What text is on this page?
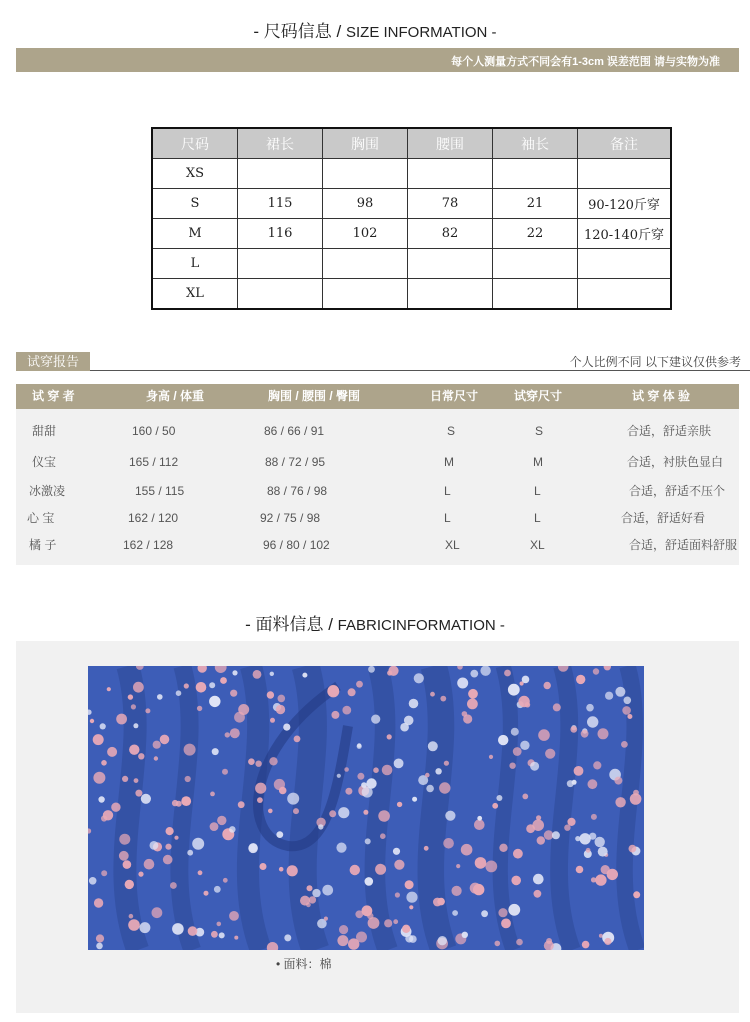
- 尺码信息 / SIZE INFORMATION -
每个人测量方式不同会有1-3cm 误差范围 请与实物为准
尺码	裙长	胸围	腰围	袖长	备注
XS					
S	115	98	78	21	90-120斤穿
M	116	102	82	22	120-140斤穿
L					
XL					
试穿报告	个人比例不同 以下建议仅供参考
试 穿 者	身高 / 体重	胸围 / 腰围 / 臀围	日常尺寸	试穿尺寸	试 穿 体 验
甜甜	160 / 50	86 / 66 / 91	S	S	合适，舒适亲肤
仪宝	165 / 112	88 / 72 / 95	M	M	合适，衬肤色显白
冰激凌	155 / 115	88 / 76 / 98	L	L	合适，舒适不压个
心 宝	162 / 120	92 / 75 / 98	L	L	合适，舒适好看
橘 子	162 / 128	96 / 80 / 102	XL	XL	合适，舒适面料舒服
- 面料信息 / FABRICINFORMATION -
• 面料：棉
